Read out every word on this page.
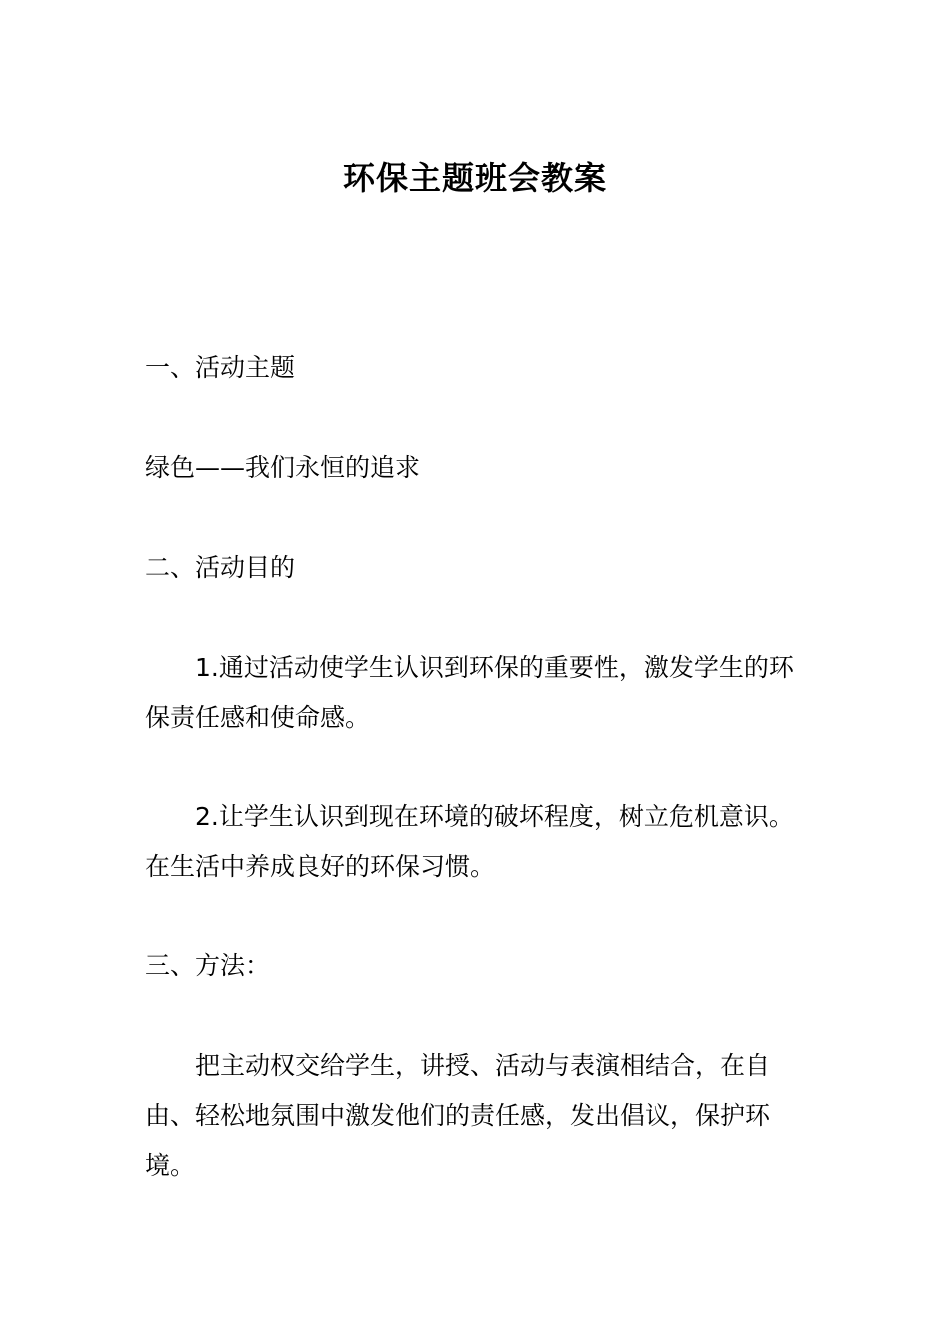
环保主题班会教案

一、活动主题

绿色——我们永恒的追求

二、活动目的

1.通过活动使学生认识到环保的重要性，激发学生的环保责任感和使命感。

2.让学生认识到现在环境的破坏程度，树立危机意识。在生活中养成良好的环保习惯。

三、方法：

把主动权交给学生，讲授、活动与表演相结合，在自由、轻松地氛围中激发他们的责任感，发出倡议，保护环境。
